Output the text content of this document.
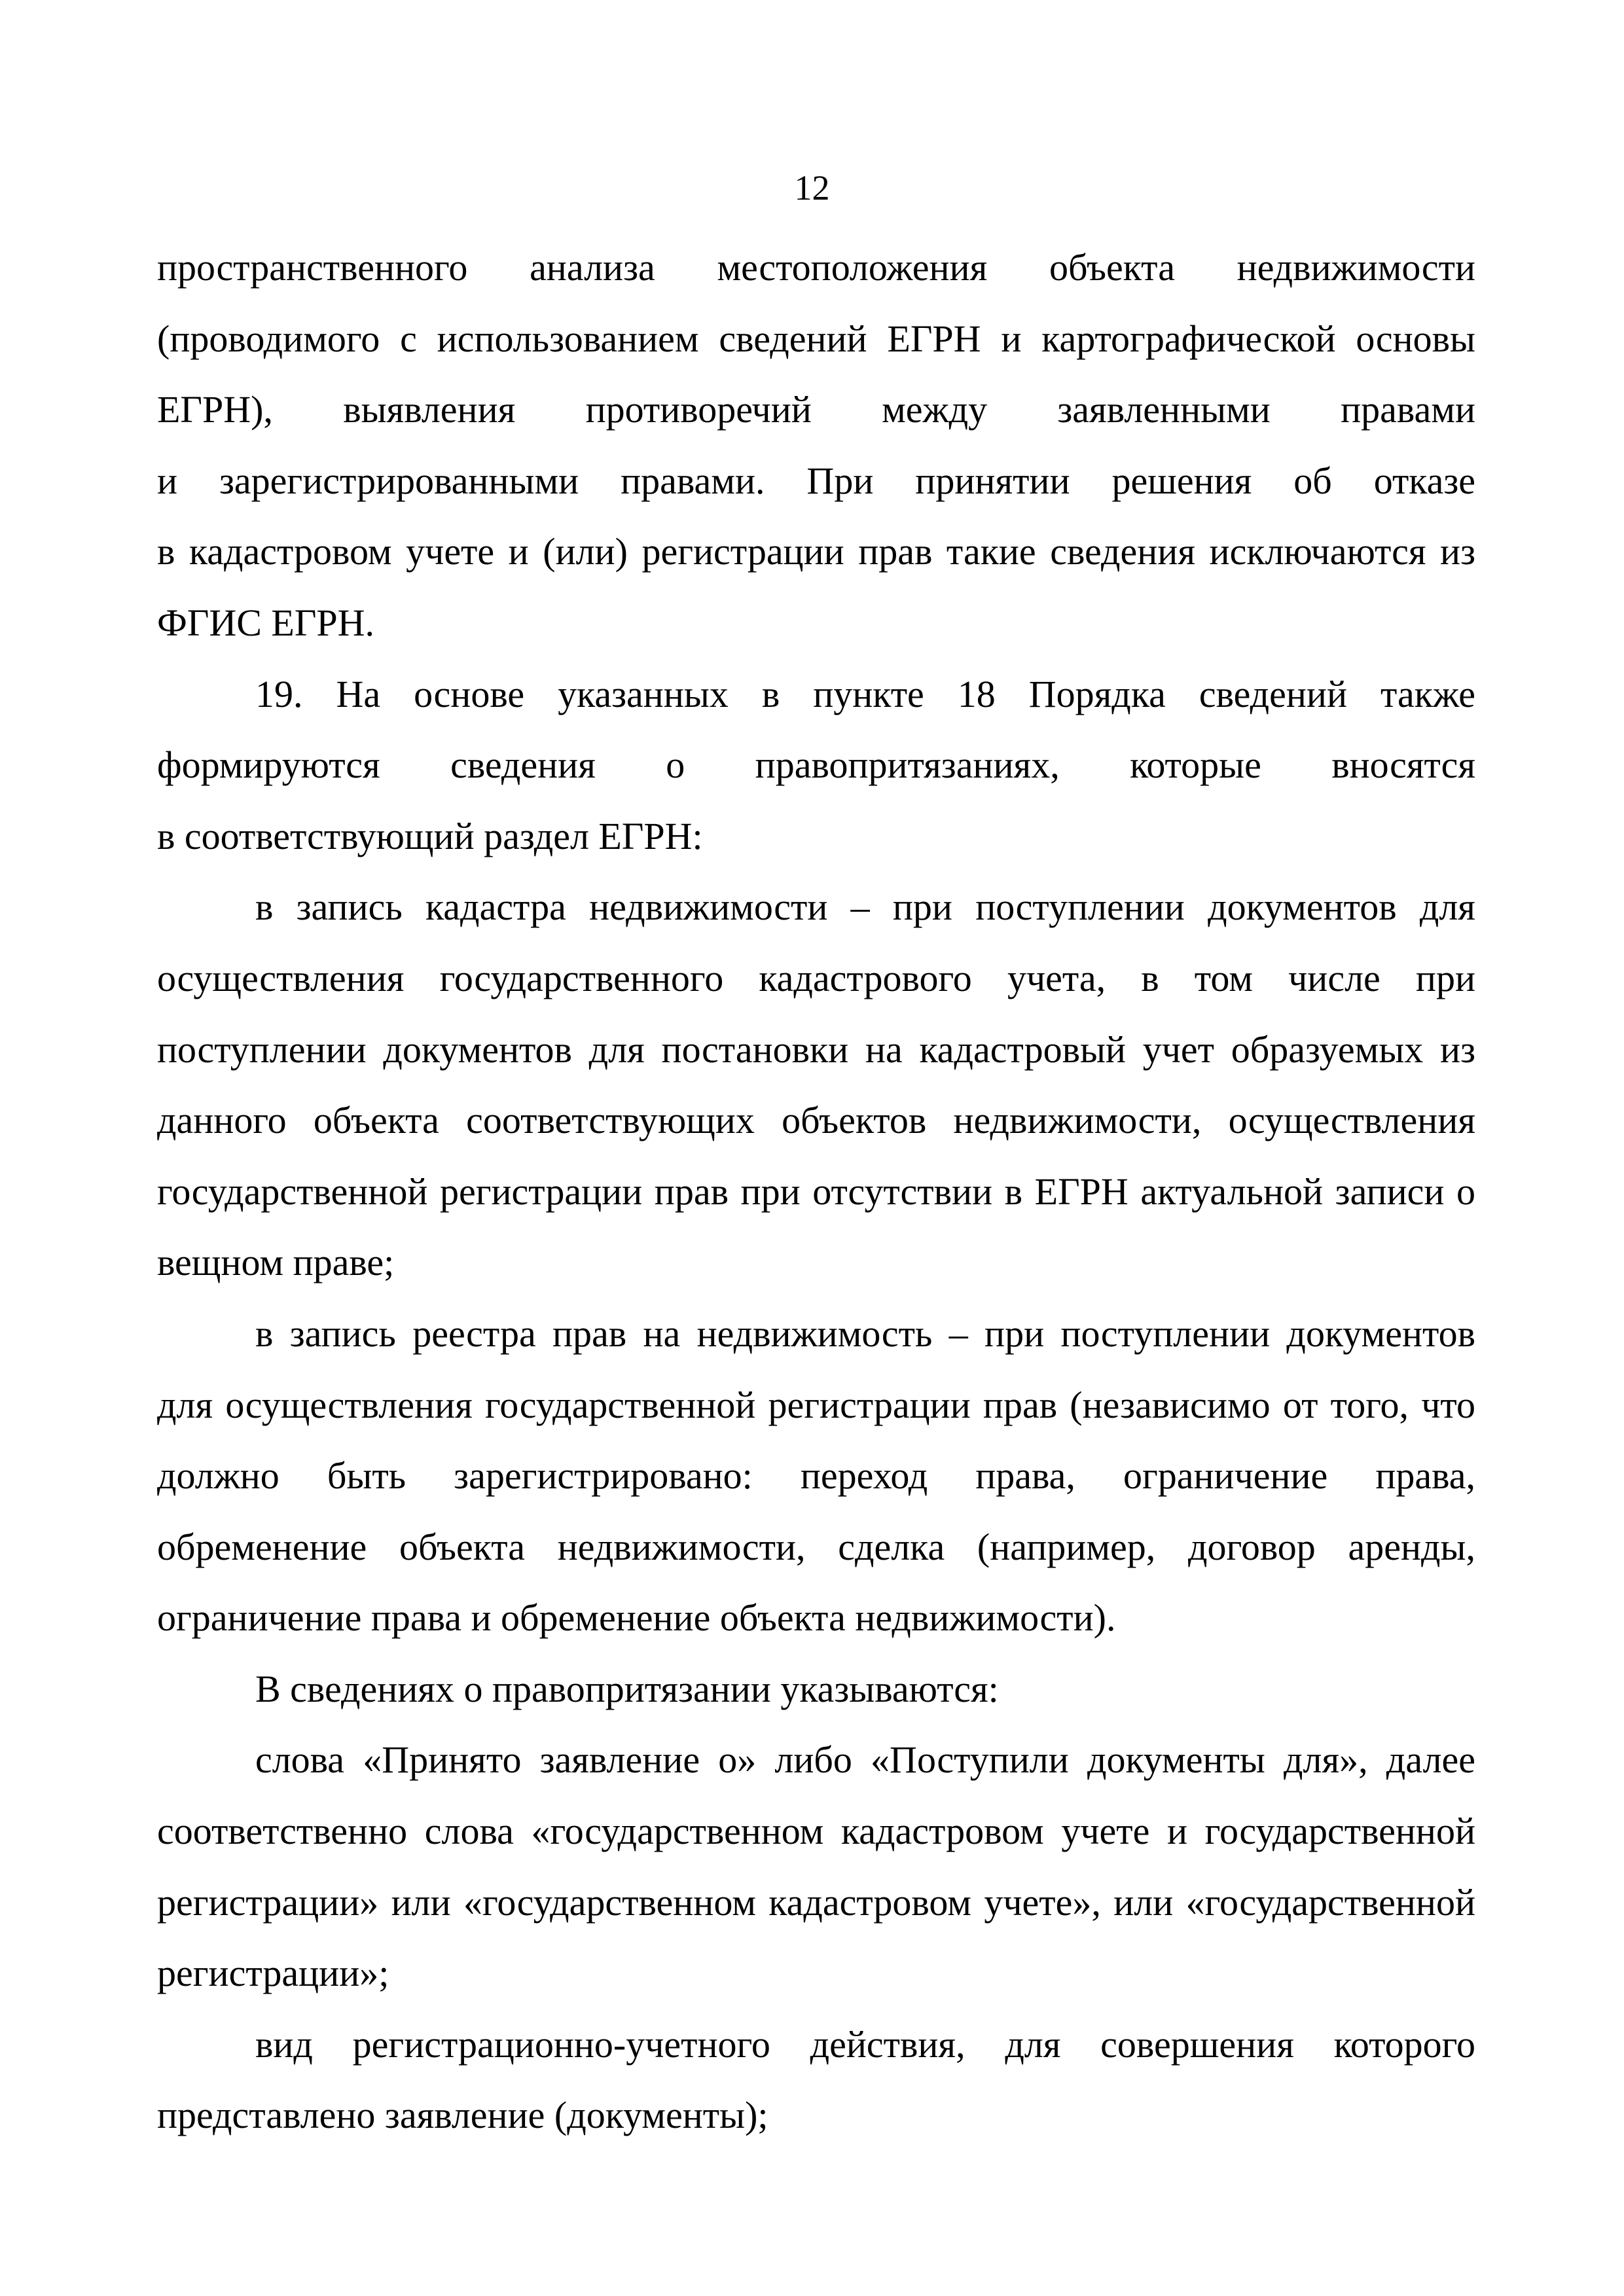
12

пространственного анализа местоположения объекта недвижимости
(проводимого с использованием сведений ЕГРН и картографической основы
ЕГРН), выявления противоречий между заявленными правами
и зарегистрированными правами. При принятии решения об отказе
в кадастровом учете и (или) регистрации прав такие сведения исключаются из
ФГИС ЕГРН.

19. На основе указанных в пункте 18 Порядка сведений также
формируются сведения о правопритязаниях, которые вносятся
в соответствующий раздел ЕГРН:

в запись кадастра недвижимости – при поступлении документов для
осуществления государственного кадастрового учета, в том числе при
поступлении документов для постановки на кадастровый учет образуемых из
данного объекта соответствующих объектов недвижимости, осуществления
государственной регистрации прав при отсутствии в ЕГРН актуальной записи о
вещном праве;

в запись реестра прав на недвижимость – при поступлении документов
для осуществления государственной регистрации прав (независимо от того, что
должно быть зарегистрировано: переход права, ограничение права,
обременение объекта недвижимости, сделка (например, договор аренды,
ограничение права и обременение объекта недвижимости).

В сведениях о правопритязании указываются:

слова «Принято заявление о» либо «Поступили документы для», далее
соответственно слова «государственном кадастровом учете и государственной
регистрации» или «государственном кадастровом учете», или «государственной
регистрации»;

вид регистрационно-учетного действия, для совершения которого
представлено заявление (документы);
